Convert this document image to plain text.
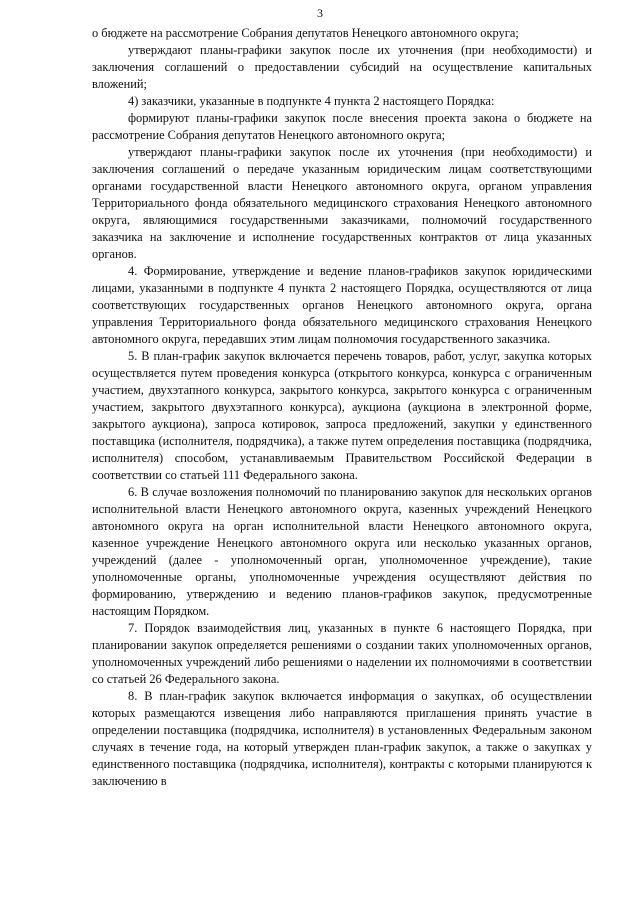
3

о бюджете на рассмотрение Собрания депутатов Ненецкого автономного округа;

утверждают планы-графики закупок после их уточнения (при необходимости) и заключения соглашений о предоставлении субсидий на осуществление капитальных вложений;

4) заказчики, указанные в подпункте 4 пункта 2 настоящего Порядка:

формируют планы-графики закупок после внесения проекта закона о бюджете на рассмотрение Собрания депутатов Ненецкого автономного округа;

утверждают планы-графики закупок после их уточнения (при необходимости) и заключения соглашений о передаче указанным юридическим лицам соответствующими органами государственной власти Ненецкого автономного округа, органом управления Территориального фонда обязательного медицинского страхования Ненецкого автономного округа, являющимися государственными заказчиками, полномочий государственного заказчика на заключение и исполнение государственных контрактов от лица указанных органов.

4. Формирование, утверждение и ведение планов-графиков закупок юридическими лицами, указанными в подпункте 4 пункта 2 настоящего Порядка, осуществляются от лица соответствующих государственных органов Ненецкого автономного округа, органа управления Территориального фонда обязательного медицинского страхования Ненецкого автономного округа, передавших этим лицам полномочия государственного заказчика.

5. В план-график закупок включается перечень товаров, работ, услуг, закупка которых осуществляется путем проведения конкурса (открытого конкурса, конкурса с ограниченным участием, двухэтапного конкурса, закрытого конкурса, закрытого конкурса с ограниченным участием, закрытого двухэтапного конкурса), аукциона (аукциона в электронной форме, закрытого аукциона), запроса котировок, запроса предложений, закупки у единственного поставщика (исполнителя, подрядчика), а также путем определения поставщика (подрядчика, исполнителя) способом, устанавливаемым Правительством Российской Федерации в соответствии со статьей 111 Федерального закона.

6. В случае возложения полномочий по планированию закупок для нескольких органов исполнительной власти Ненецкого автономного округа, казенных учреждений Ненецкого автономного округа на орган исполнительной власти Ненецкого автономного округа, казенное учреждение Ненецкого автономного округа или несколько указанных органов, учреждений (далее - уполномоченный орган, уполномоченное учреждение), такие уполномоченные органы, уполномоченные учреждения осуществляют действия по формированию, утверждению и ведению планов-графиков закупок, предусмотренные настоящим Порядком.

7. Порядок взаимодействия лиц, указанных в пункте 6 настоящего Порядка, при планировании закупок определяется решениями о создании таких уполномоченных органов, уполномоченных учреждений либо решениями о наделении их полномочиями в соответствии со статьей 26 Федерального закона.

8. В план-график закупок включается информация о закупках, об осуществлении которых размещаются извещения либо направляются приглашения принять участие в определении поставщика (подрядчика, исполнителя) в установленных Федеральным законом случаях в течение года, на который утвержден план-график закупок, а также о закупках у единственного поставщика (подрядчика, исполнителя), контракты с которыми планируются к заключению в
